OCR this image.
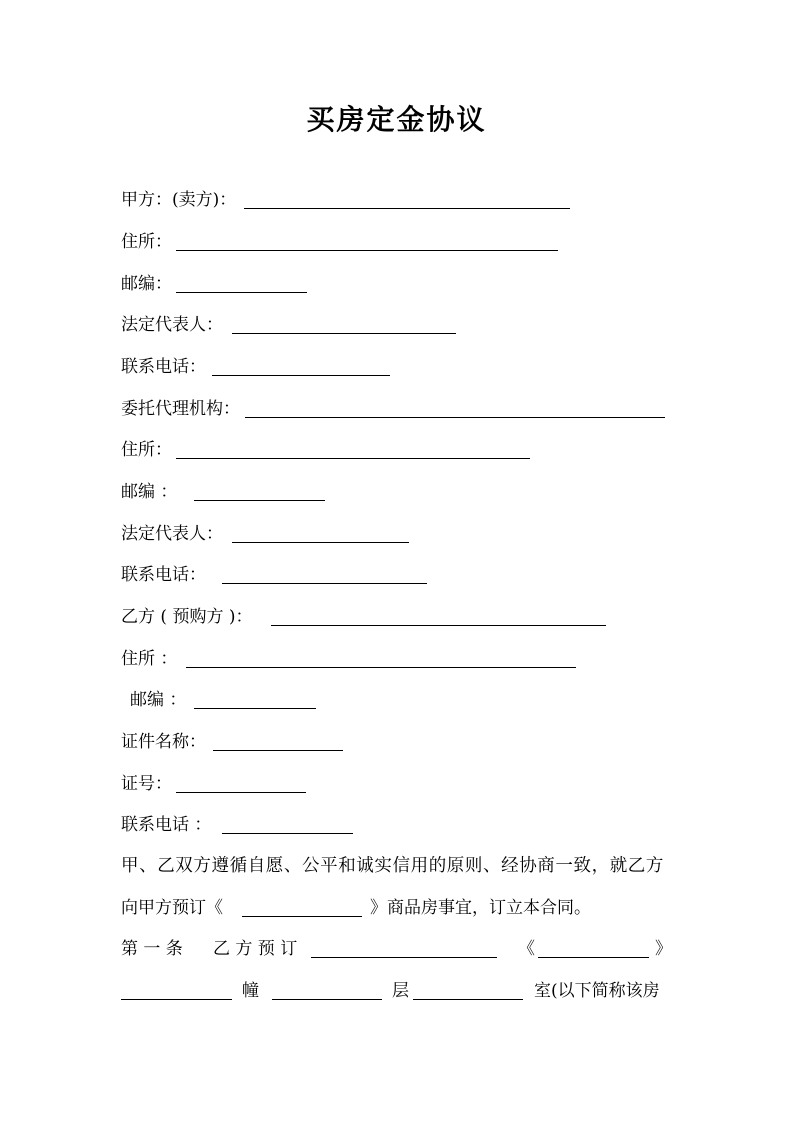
买房定金协议
甲方：(卖方)：
住所：
邮编：
法定代表人：
联系电话：
委托代理机构：
住所：
邮编 ：
法定代表人：
联系电话：
乙方 ( 预购方 )：
住所 ：
邮编 ：
证件名称：
证号：
联系电话 ：
甲、乙双方遵循自愿、公平和诚实信用的原则、经协商一致，就乙方
向甲方预订《	》商品房事宜，订立本合同。
第 一 条 乙 方 预 订	《	》
幢	层	室(以下简称该房
